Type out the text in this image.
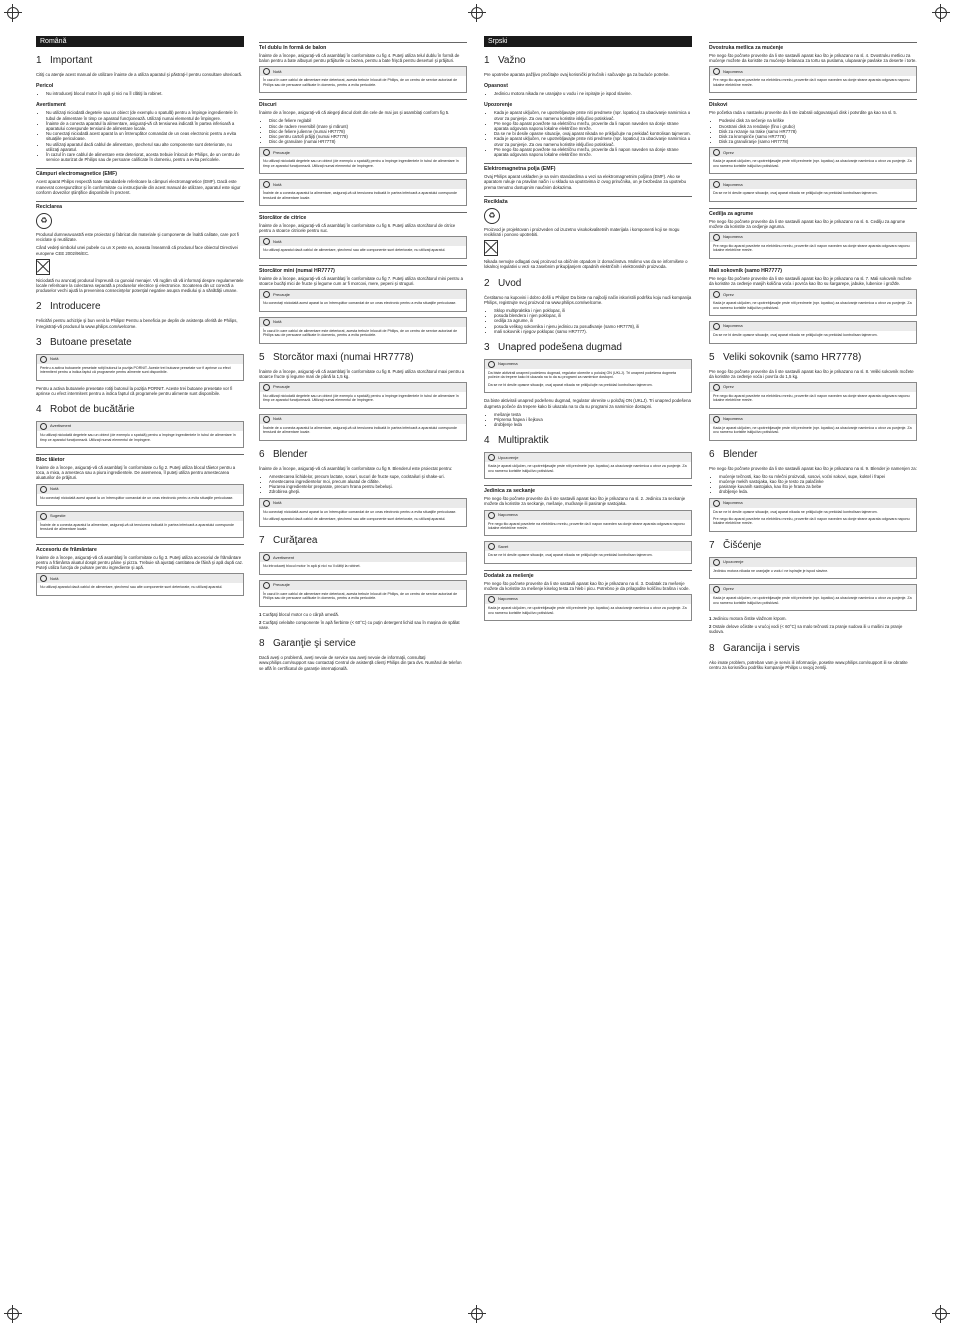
Română
1 Important

Citiţi cu atenţie acest manual de utilizare înainte de a utiliza aparatul şi păstraţi-l pentru consultare ulterioară.

Pericol
• Nu introduceţi blocul motor în apă şi nici nu îl clătiţi la robinet.
Avertisment
• Nu utilizaţi niciodată degetele sau un obiect (de exemplu o spatulă) pentru a împinge ingredientele în tubul de alimentare în timp ce aparatul funcţionează. Utilizaţi numai elementul de împingere.
• Înainte de a conecta aparatul la alimentare, asiguraţi-vă că tensiunea indicată în partea inferioară a aparatului corespunde tensiunii de alimentare locale.
• Nu conectaţi niciodată acest aparat la un întrerupător comandat de un ceas electronic pentru a evita situaţiile periculoase.
• Nu utilizaţi aparatul dacă cablul de alimentare, ştecherul sau alte componente sunt deteriorate, nu utilizaţi aparatul.
• În cazul în care cablul de alimentare este deteriorat, acesta trebuie înlocuit de Philips, de un centru de service autorizat de Philips sau de persoane calificate în domeniu, pentru a evita pericolele.
Câmpuri electromagnetice (EMF)

Acest aparat Philips respectă toate standardele referitoare la câmpuri electromagnetice (EMF). Dacă este manevrat corespunzător şi în conformitate cu instrucţiunile din acest manual de utilizare, aparatul este sigur conform dovezilor ştiinţifice disponibile în prezent.

Reciclarea
♻

Produsul dumneavoastră este proiectat şi fabricat din materiale şi componente de înaltă calitate, care pot fi reciclate şi reutilizate.

Când vedeţi simbolul unei pubele cu un X peste ea, aceasta înseamnă că produsul face obiectul Directivei europene CEE 2002/96/EC.

Niciodată nu aruncaţi produsul împreună cu gunoiul menajer. Vă rugăm să vă informaţi despre regulamentele locale referitoare la colectarea separată a produselor electrice şi electronice. Scoaterea din uz corectă a produselor vechi ajută la prevenirea consecinţelor potenţial negative asupra mediului şi a sănătăţii umane.

2 Introducere

Felicitări pentru achiziţie şi bun venit la Philips! Pentru a beneficia pe deplin de asistenţa oferită de Philips, înregistraţi-vă produsul la www.philips.com/welcome.

3 Butoane presetate
Notă

Pentru a activa butoanele presetate rotiţi butonul la poziţia PORNIT. Aceste trei butoane presetate vor fi aprinse cu efect intermitent pentru a indica faptul că programele pentru alimente sunt disponibile.

Pentru a activa butoanele presetate rotiţi butonul la poziţia PORNIT. Aceste trei butoane presetate vor fi aprinse cu efect intermitent pentru a indica faptul că programele pentru alimente sunt disponibile.

4 Robot de bucătărie
Avertisment

Nu utilizaţi niciodată degetele sau un obiect (de exemplu o spatulă) pentru a împinge ingredientele în tubul de alimentare în timp ce aparatul funcţionează. Utilizaţi numai elementul de împingere.

Bloc tăietor

Înainte de a începe, asiguraţi-vă că asamblaţi în conformitate cu fig 2. Puteţi utiliza blocul tăietor pentru a toca, a mixa, a amesteca sau a piura ingredientele. De asemenea, îl puteţi utiliza pentru amestecarea aluaturilor de prăjituri.

Notă

Nu conectaţi niciodată acest aparat la un întrerupător comandat de un ceas electronic pentru a evita situaţiile periculoase.

Sugestie

Înainte de a conecta aparatul la alimentare, asiguraţi-vă că tensiunea indicată în partea inferioară a aparatului corespunde tensiunii de alimentare locale.

Accesoriu de frământare

Înainte de a începe, asiguraţi-vă că asamblaţi în conformitate cu fig 3. Puteţi utiliza accesoriul de frământare pentru a frământa aluatul dospit pentru pâine şi pizza. Trebuie să ajustaţi cantitatea de făină şi apă după caz. Puteţi utiliza funcţia de pulsare pentru ingrediente şi apă.

Notă

Nu utilizaţi aparatul dacă cablul de alimentare, ştecherul sau alte componente sunt deteriorate, nu utilizaţi aparatul.

Tel dublu în formă de balon

Înainte de a începe, asiguraţi-vă că asamblaţi în conformitate cu fig 4. Puteţi utiliza telul dublu în formă de balon pentru a bate albuşuri pentru prăjiturile cu bezea, pentru a bate frişcă pentru deserturi şi prăjituri.

Notă

În cazul în care cablul de alimentare este deteriorat, acesta trebuie înlocuit de Philips, de un centru de service autorizat de Philips sau de persoane calificate în domeniu, pentru a evita pericolele.

Discuri

Înainte de a începe, asiguraţi-vă că alegeţi discul dorit din cele de mai jos şi asamblaţi conform fig 5.

• Disc de feliere reglabil
• Disc de radere reversibil (mare şi mărunt)
• Disc de feliere julienne (numai HR7778)
• Disc pentru cartofi prăjiţi (numai HR7778)
• Disc de granulare (numai HR7778)
Precauţie

Nu utilizaţi niciodată degetele sau un obiect (de exemplu o spatulă) pentru a împinge ingredientele în tubul de alimentare în timp ce aparatul funcţionează. Utilizaţi numai elementul de împingere.

Notă

Înainte de a conecta aparatul la alimentare, asiguraţi-vă că tensiunea indicată în partea inferioară a aparatului corespunde tensiunii de alimentare locale.

Storcător de citrice

Înainte de a începe, asiguraţi-vă că asamblaţi în conformitate cu fig 6. Puteţi utiliza storcătorul de citrice pentru a stoarce citricele pentru suc.

Notă

Nu utilizaţi aparatul dacă cablul de alimentare, ştecherul sau alte componente sunt deteriorate, nu utilizaţi aparatul.

Storcător mini (numai HR7777)

Înainte de a începe, asiguraţi-vă că asamblaţi în conformitate cu fig 7. Puteţi utiliza storcătorul mini pentru a stoarce bucăţi mici de fructe şi legume cum ar fi morcovi, mere, pepeni şi struguri.

Precauţie

Nu conectaţi niciodată acest aparat la un întrerupător comandat de un ceas electronic pentru a evita situaţiile periculoase.

Notă

În cazul în care cablul de alimentare este deteriorat, acesta trebuie înlocuit de Philips, de un centru de service autorizat de Philips sau de persoane calificate în domeniu, pentru a evita pericolele.

5 Storcător maxi (numai HR7778)

Înainte de a începe, asiguraţi-vă că asamblaţi în conformitate cu fig 8. Puteţi utiliza storcătorul maxi pentru a stoarce fructe şi legume mari de până la 1,5 kg.

Precauţie

Nu utilizaţi niciodată degetele sau un obiect (de exemplu o spatulă) pentru a împinge ingredientele în tubul de alimentare în timp ce aparatul funcţionează. Utilizaţi numai elementul de împingere.

Notă

Înainte de a conecta aparatul la alimentare, asiguraţi-vă că tensiunea indicată în partea inferioară a aparatului corespunde tensiunii de alimentare locale.

6 Blender

Înainte de a începe, asiguraţi-vă că asamblaţi în conformitate cu fig 9. Blenderul este proiectat pentru:

• Amestecarea lichidelor, precum lactate, sosuri, sucuri de fructe supe, cocktailuri şi shake-uri.
• Amestecarea ingredientelor moi, precum aluatul de clătite.
• Piurarea ingredientelor preparate, precum hrana pentru bebeluşi.
• Zdrobirea gheţii.
Notă

Nu conectaţi niciodată acest aparat la un întrerupător comandat de un ceas electronic pentru a evita situaţiile periculoase.

Nu utilizaţi aparatul dacă cablul de alimentare, ştecherul sau alte componente sunt deteriorate, nu utilizaţi aparatul.

7 Curăţarea
Avertisment

Nu introduceţi blocul motor în apă şi nici nu îl clătiţi la robinet.

Precauţie

În cazul în care cablul de alimentare este deteriorat, acesta trebuie înlocuit de Philips, de un centru de service autorizat de Philips sau de persoane calificate în domeniu, pentru a evita pericolele.

1 Curăţaţi blocul motor cu o cârpă umedă.

2 Curăţaţi celelalte componente în apă fierbinte (< 60°C) cu puţin detergent lichid sau în maşina de spălat vase.

8 Garanţie şi service

Dacă aveţi o problemă, aveţi nevoie de service sau aveţi nevoie de informaţii, consultaţi www.philips.com/support sau contactaţi Centrul de asistenţă clienţi Philips din ţara dvs. Numărul de telefon se află în certificatul de garanţie internaţională.

Srpski
1 Važno

Pre upotrebe aparata pažljivo pročitajte ovaj korisnički priručnik i sačuvajte ga za buduće potrebe.

Opasnost
• Jedinicu motora nikada ne uranjajte u vodu i ne ispirajte je ispod slavine.
Upozorenje
• Kada je aparat uključen, ne upotrebljavajte prste niti predmete (npr. lopaticu) za ubacivanje namirnica u otvor za punjenje. Za ovu namenu koristite isključivo potiskivač.
• Pre nego što aparat povežete na električnu mrežu, proverite da li napon naveden sa donje strane aparata odgovara naponu lokalne električne mreže.
• Da se ne bi desile opasne situacije, ovaj aparat nikada ne priključujte na prekidač kontrolisan tajmerom.
• Kada je aparat uključen, ne upotrebljavajte prste niti predmete (npr. lopaticu) za ubacivanje namirnica u otvor za punjenje. Za ovu namenu koristite isključivo potiskivač.
• Pre nego što aparat povežete na električnu mrežu, proverite da li napon naveden sa donje strane aparata odgovara naponu lokalne električne mreže.
Elektromagnetna polja (EMF)

Ovaj Philips aparat usklađen je sa svim standardima u vezi sa elektromagnetnim poljima (EMF). Ako se aparatom rukuje na pravilan način i u skladu sa uputstvima iz ovog priručnika, on je bezbedan za upotrebu prema trenutno dostupnim naučnim dokazima.

Reciklaža
♻

Proizvod je projektovan i proizveden od izuzetno visokokvalitetnih materijala i komponenti koji se mogu reciklirati i ponovo upotrebiti.

Nikada nemojte odlagati ovaj proizvod sa običnim otpadom iz domaćinstva. Molimo vas da se informišete o lokalnoj regulativi u vezi sa zasebnim prikupljanjem otpadnih električnih i elektronskih proizvoda.

2 Uvod

Čestitamo na kupovini i dobro došli u Philips! Da biste na najbolji način iskoristili podršku koju nudi kompanija Philips, registrujte svoj proizvod na www.philips.com/welcome.

• Sklop multipraktika i njen poklopac, ili
• posuda blendera i njen poklopac, ili
• cedilja za agrume, ili
• posuda velikog sokovnika i njenu jedinicu za posuđivanje (samo HR7778), ili
• mali sokovnik i njegov poklopac (samo HR7777).
3 Unapred podešena dugmad
Napomena

Da biste aktivirali unapred podešenu dugmad, regulator okrenite u položaj ON (UKLJ). Tri unapred podešena dugmeta počeće da trepere kako bi ukazala na to da su programi za namirnice dostupni.

Da se ne bi desile opasne situacije, ovaj aparat nikada ne priključujte na prekidač kontrolisan tajmerom.

Da biste aktivirali unapred podešenu dugmad, regulator okrenite u položaj ON (UKLJ). Tri unapred podešena dugmeta počeće da trepere kako bi ukazala na to da su programi za namirnice dostupni.

• mešanje testa
• Priprema frapea i šejkova
• drobljenje leda
4 Multipraktik
Upozorenje

Kada je aparat uključen, ne upotrebljavajte prste niti predmete (npr. lopaticu) za ubacivanje namirnica u otvor za punjenje. Za ovu namenu koristite isključivo potiskivač.

Jedinica za seckanje

Pre nego što počnete proverite da li ste sastavili aparat kao što je prikazano na sl. 2. Jedinicu za seckanje možete da koristite za seckanje, mešanje, mućkanje ili pasiranje sastojaka.

Napomena

Pre nego što aparat povežete na električnu mrežu, proverite da li napon naveden sa donje strane aparata odgovara naponu lokalne električne mreže.

Savet

Da se ne bi desile opasne situacije, ovaj aparat nikada ne priključujte na prekidač kontrolisan tajmerom.

Dodatak za mešenje

Pre nego što počnete proverite da li ste sastavili aparat kao što je prikazano na sl. 3. Dodatak za mešenje možete da koristite za mešenje kiselog testa za hleb i picu. Potrebno je da prilagodite količinu brašna i vode.

Napomena

Kada je aparat uključen, ne upotrebljavajte prste niti predmete (npr. lopaticu) za ubacivanje namirnica u otvor za punjenje. Za ovu namenu koristite isključivo potiskivač.

Dvostruka metlica za mućenje

Pre nego što počnete proverite da li ste sastavili aparat kao što je prikazano na sl. 4. Dvostruku metlicu za mućenje možete da koristite za mućenje belanaca za tortu sa puslama, ulupavanje pavlake za deserte i torte.

Napomena

Pre nego što aparat povežete na električnu mrežu, proverite da li napon naveden sa donje strane aparata odgovara naponu lokalne električne mreže.

Diskovi

Pre početka rada u nastavku proverite da li ste izabrali odgovarajući disk i potvrdite ga kao na sl. 5.

• Podesivi disk za sečenje na kriške
• Dvostrani disk za rendanje (fino i grubo)
• Disk za rezanje na trake (samo HR7778)
• Disk za krompiriće (samo HR7778)
• Disk za granuliranje (samo HR7778)
Oprez

Kada je aparat uključen, ne upotrebljavajte prste niti predmete (npr. lopaticu) za ubacivanje namirnica u otvor za punjenje. Za ovu namenu koristite isključivo potiskivač.

Napomena

Da se ne bi desile opasne situacije, ovaj aparat nikada ne priključujte na prekidač kontrolisan tajmerom.

Cedilja za agrume

Pre nego što počnete proverite da li ste sastavili aparat kao što je prikazano na sl. 6. Cedilju za agrume možete da koristite za cedjenje agruma.

Napomena

Pre nego što aparat povežete na električnu mrežu, proverite da li napon naveden sa donje strane aparata odgovara naponu lokalne električne mreže.

Mali sokovnik (samo HR7777)

Pre nego što počnete proverite da li ste sastavili aparat kao što je prikazano na sl. 7. Mali sokovnik možete da koristite za ceđenje manjih količina voća i povrća kao što su šargarepe, jabuke, lubenice i grožđe.

Oprez

Kada je aparat uključen, ne upotrebljavajte prste niti predmete (npr. lopaticu) za ubacivanje namirnica u otvor za punjenje. Za ovu namenu koristite isključivo potiskivač.

Napomena

Da se ne bi desile opasne situacije, ovaj aparat nikada ne priključujte na prekidač kontrolisan tajmerom.

5 Veliki sokovnik (samo HR7778)

Pre nego što počnete proverite da li ste sastavili aparat kao što je prikazano na sl. 8. Veliki sokovnik možete da koristite za ceđenje voća i povrća do 1,5 kg.

Oprez

Pre nego što aparat povežete na električnu mrežu, proverite da li napon naveden sa donje strane aparata odgovara naponu lokalne električne mreže.

Napomena

Kada je aparat uključen, ne upotrebljavajte prste niti predmete (npr. lopaticu) za ubacivanje namirnica u otvor za punjenje. Za ovu namenu koristite isključivo potiskivač.

6 Blender

Pre nego što počnete proverite da li ste sastavili aparat kao što je prikazano na sl. 9. Blender je namenjen za:

• mućenje tečnosti, kao što su mlečni proizvodi, sosovi, voćni sokovi, supe, koktel i frapei
• mućenje mekih sastojaka, kao što je testo za palačinke
• pasiranje kuvanih sastojaka, kao što je hrana za bebe
• drobljenje leda.
Napomena

Da se ne bi desile opasne situacije, ovaj aparat nikada ne priključujte na prekidač kontrolisan tajmerom.

Pre nego što aparat povežete na električnu mrežu, proverite da li napon naveden sa donje strane aparata odgovara naponu lokalne električne mreže.

7 Čišćenje
Upozorenje

Jedinicu motora nikada ne uranjajte u vodu i ne ispirajte je ispod slavine.

Oprez

Kada je aparat uključen, ne upotrebljavajte prste niti predmete (npr. lopaticu) za ubacivanje namirnica u otvor za punjenje. Za ovu namenu koristite isključivo potiskivač.

1 Jedinicu motora čistite vlažnom krpom.

2 Ostale delove očistite u vrućoj vodi (< 60°C) sa malo tečnosti za pranje sudova ili u mašini za pranje sudova.

8 Garancija i servis

Ako imate problem, potreban vam je servis ili informacije, posetite www.philips.com/support ili se obratite centru za korisničku podršku kompanije Philips u svojoj zemlji.
